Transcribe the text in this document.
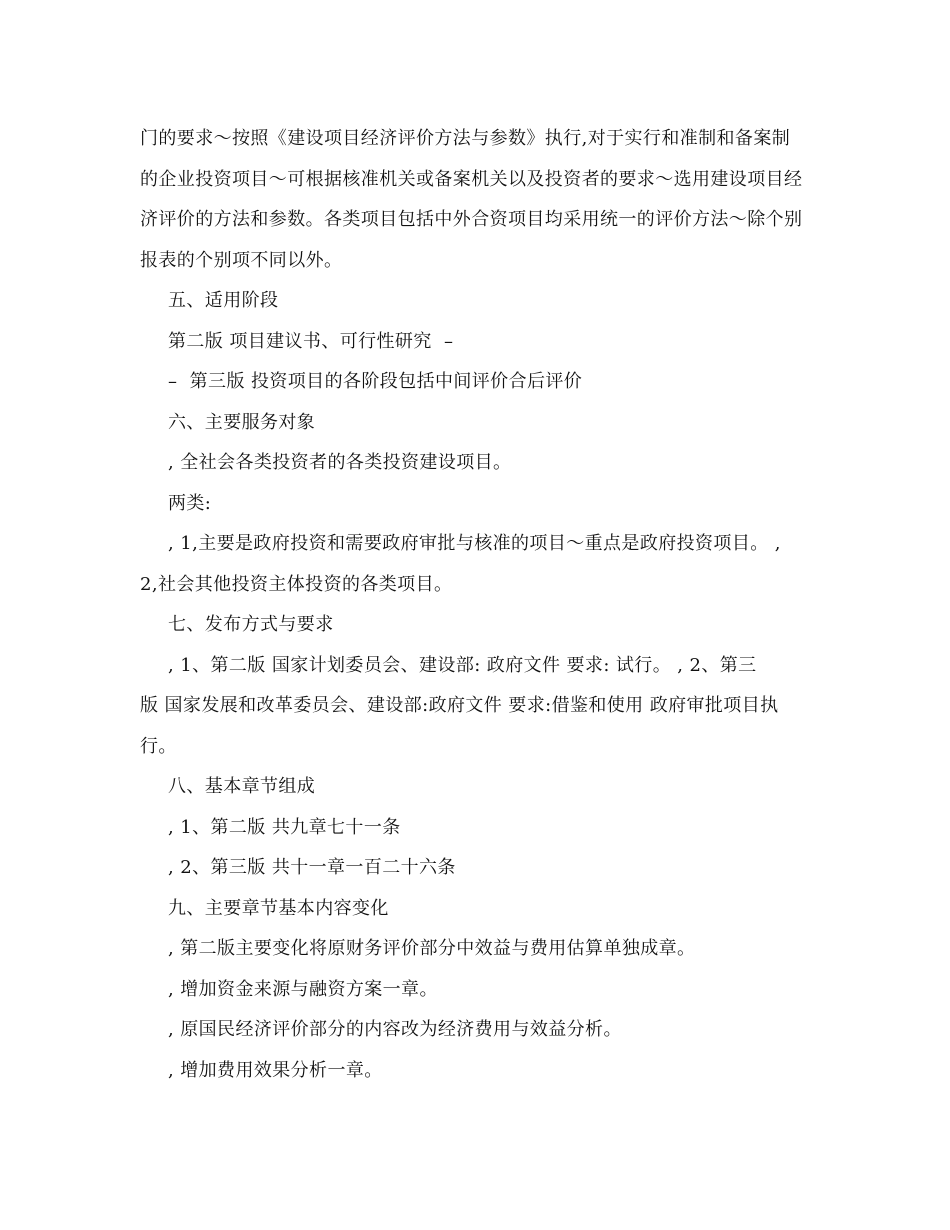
门的要求～按照《建设项目经济评价方法与参数》执行,对于实行和准制和备案制
的企业投资项目～可根据核准机关或备案机关以及投资者的要求～选用建设项目经
济评价的方法和参数。各类项目包括中外合资项目均采用统一的评价方法～除个别
报表的个别项不同以外。
五、适用阶段
第二版 项目建议书、可行性研究  –
–  第三版 投资项目的各阶段包括中间评价合后评价
六、主要服务对象
, 全社会各类投资者的各类投资建设项目。
两类:
, 1,主要是政府投资和需要政府审批与核准的项目～重点是政府投资项目。 ,
2,社会其他投资主体投资的各类项目。
七、发布方式与要求
, 1、第二版 国家计划委员会、建设部: 政府文件 要求: 试行。 , 2、第三
版 国家发展和改革委员会、建设部:政府文件 要求:借鉴和使用 政府审批项目执
行。
八、基本章节组成
, 1、第二版 共九章七十一条
, 2、第三版 共十一章一百二十六条
九、主要章节基本内容变化
, 第二版主要变化将原财务评价部分中效益与费用估算单独成章。
, 增加资金来源与融资方案一章。
, 原国民经济评价部分的内容改为经济费用与效益分析。
, 增加费用效果分析一章。
